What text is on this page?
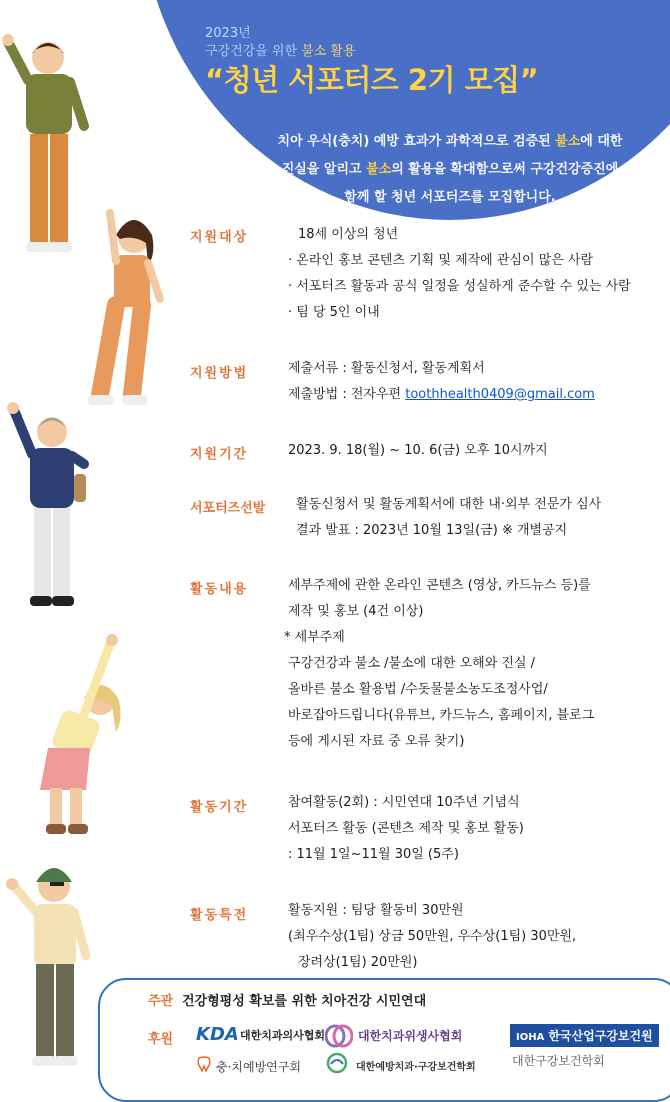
2023년
구강건강을 위한 불소 활용
“청년 서포터즈 2기 모집”
치아 우식(충치) 예방 효과가 과학적으로 검증된 불소에 대한
진실을 알리고 불소의 활용을 확대함으로써 구강건강증진에
함께 할 청년 서포터즈를 모집합니다.
지원대상	18세 이상의 청년
· 온라인 홍보 콘텐츠 기획 및 제작에 관심이 많은 사람
· 서포터즈 활동과 공식 일정을 성실하게 준수할 수 있는 사람
· 팀 당 5인 이내
지원방법	제출서류 : 활동신청서, 활동계획서
제출방법 : 전자우편 toothhealth0409@gmail.com
지원기간	2023. 9. 18(월) ~ 10. 6(금) 오후 10시까지
서포터즈선발 활동신청서 및 활동계획서에 대한 내·외부 전문가 심사
결과 발표 : 2023년 10월 13일(금) ※ 개별공지
활동내용	세부주제에 관한 온라인 콘텐츠 (영상, 카드뉴스 등)를
제작 및 홍보 (4건 이상)
* 세부주제
구강건강과 불소 /불소에 대한 오해와 진실 /
올바른 불소 활용법 /수돗물불소농도조정사업/
바로잡아드립니다(유튜브, 카드뉴스, 홈페이지, 블로그
등에 게시된 자료 중 오류 찾기)
활동기간	참여활동(2회) : 시민연대 10주년 기념식
서포터즈 활동 (콘텐츠 제작 및 홍보 활동)
: 11월 1일~11월 30일 (5주)
활동특전	활동지원 : 팀당 활동비 30만원
(최우수상(1팀) 상금 50만원, 우수상(1팀) 30만원,
장려상(1팀) 20만원)
주관 건강형평성 확보를 위한 치아건강 시민연대
후원 KDA 대한치과의사협회	대한치과위생사협회	IOHA 한국산업구강보건원
대한구강보건학회
충·치예방연구회	대한예방치과·구강보건학회
